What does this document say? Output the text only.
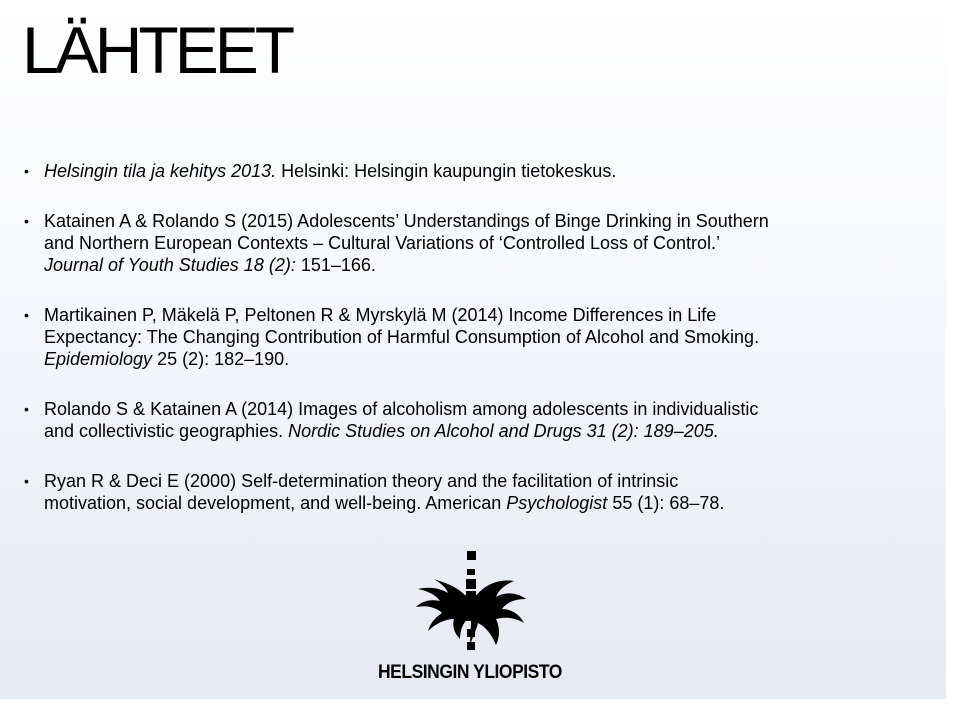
LÄHTEET
• Helsingin tila ja kehitys 2013. Helsinki: Helsingin kaupungin tietokeskus.
• Katainen A & Rolando S (2015) Adolescents’ Understandings of Binge Drinking in Southern
and Northern European Contexts – Cultural Variations of ‘Controlled Loss of Control.’
Journal of Youth Studies 18 (2): 151–166.
• Martikainen P, Mäkelä P, Peltonen R & Myrskylä M (2014) Income Differences in Life
Expectancy: The Changing Contribution of Harmful Consumption of Alcohol and Smoking.
Epidemiology 25 (2): 182–190.
• Rolando S & Katainen A (2014) Images of alcoholism among adolescents in individualistic
and collectivistic geographies. Nordic Studies on Alcohol and Drugs 31 (2): 189–205.
• Ryan R & Deci E (2000) Self-determination theory and the facilitation of intrinsic
motivation, social development, and well-being. American Psychologist 55 (1): 68–78.
HELSINGIN YLIOPISTO
